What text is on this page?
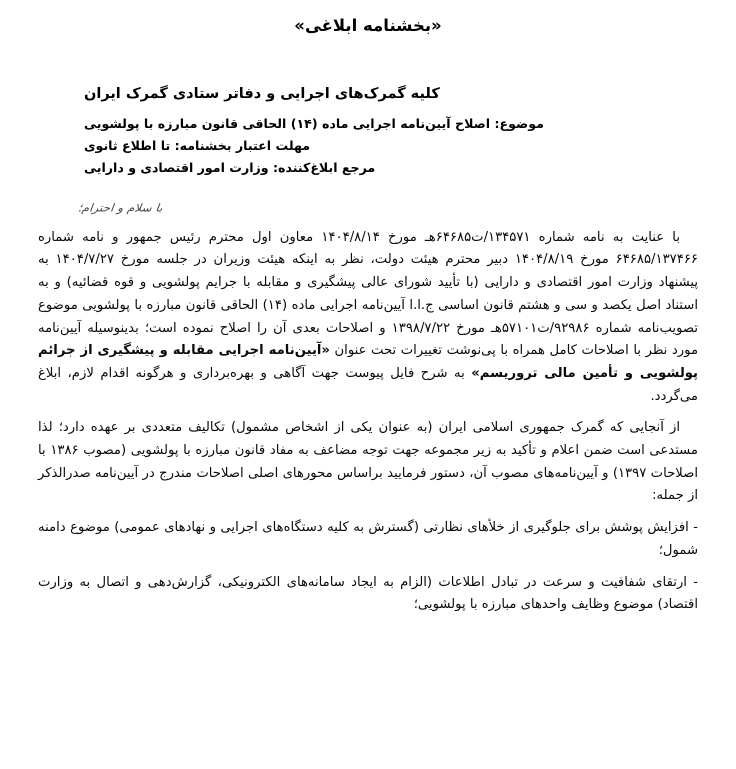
«بخشنامه ابلاغی»
کلیه گمرک‌های اجرایی و دفاتر ستادی گمرک ایران
موضوع: اصلاح آیین‌نامه اجرایی ماده (۱۴) الحاقی قانون مبارزه با پولشویی
مهلت اعتبار بخشنامه: تا اطلاع ثانوی
مرجع ابلاغ‌کننده: وزارت امور اقتصادی و دارایی
با سلام و احترام؛

با عنایت به نامه شماره ۱۳۴۵۷۱/ت۶۴۶۸۵هـ مورخ ۱۴۰۴/۸/۱۴ معاون اول محترم رئیس جمهور و نامه شماره ۶۴۶۸۵/۱۳۷۴۶۶ مورخ ۱۴۰۴/۸/۱۹ دبیر محترم هیئت دولت، نظر به اینکه هیئت وزیران در جلسه مورخ ۱۴۰۴/۷/۲۷ به پیشنهاد وزارت امور اقتصادی و دارایی (با تأیید شورای عالی پیشگیری و مقابله با جرایم پولشویی و قوه قضائیه) و به استناد اصل یکصد و سی و هشتم قانون اساسی ج.ا.ا آیین‌نامه اجرایی ماده (۱۴) الحاقی قانون مبارزه با پولشویی موضوع تصویب‌نامه شماره ۹۲۹۸۶/ت۵۷۱۰۱هـ مورخ ۱۳۹۸/۷/۲۲ و اصلاحات بعدی آن را اصلاح نموده است؛ بدینوسیله آیین‌نامه مورد نظر با اصلاحات کامل همراه با پی‌نوشت تغییرات تحت عنوان «آیین‌نامه اجرایی مقابله و پیشگیری از جرائم پولشویی و تأمین مالی تروریسم» به شرح فایل پیوست جهت آگاهی و بهره‌برداری و هرگونه اقدام لازم، ابلاغ می‌گردد.

از آنجایی که گمرک جمهوری اسلامی ایران (به عنوان یکی از اشخاص مشمول) تکالیف متعددی بر عهده دارد؛ لذا مستدعی است ضمن اعلام و تأکید به زیر مجموعه جهت توجه مضاعف به مفاد قانون مبارزه با پولشویی (مصوب ۱۳۸۶ با اصلاحات ۱۳۹۷) و آیین‌نامه‌های مصوب آن، دستور فرمایید براساس محورهای اصلی اصلاحات مندرج در آیین‌نامه صدرالذکر از جمله:

- افزایش پوشش برای جلوگیری از خلأهای نظارتی (گسترش به کلیه دستگاه‌های اجرایی و نهادهای عمومی) موضوع دامنه شمول؛

- ارتقای شفافیت و سرعت در تبادل اطلاعات (الزام به ایجاد سامانه‌های الکترونیکی، گزارش‌دهی و اتصال به وزارت اقتصاد) موضوع وظایف واحدهای مبارزه با پولشویی؛
